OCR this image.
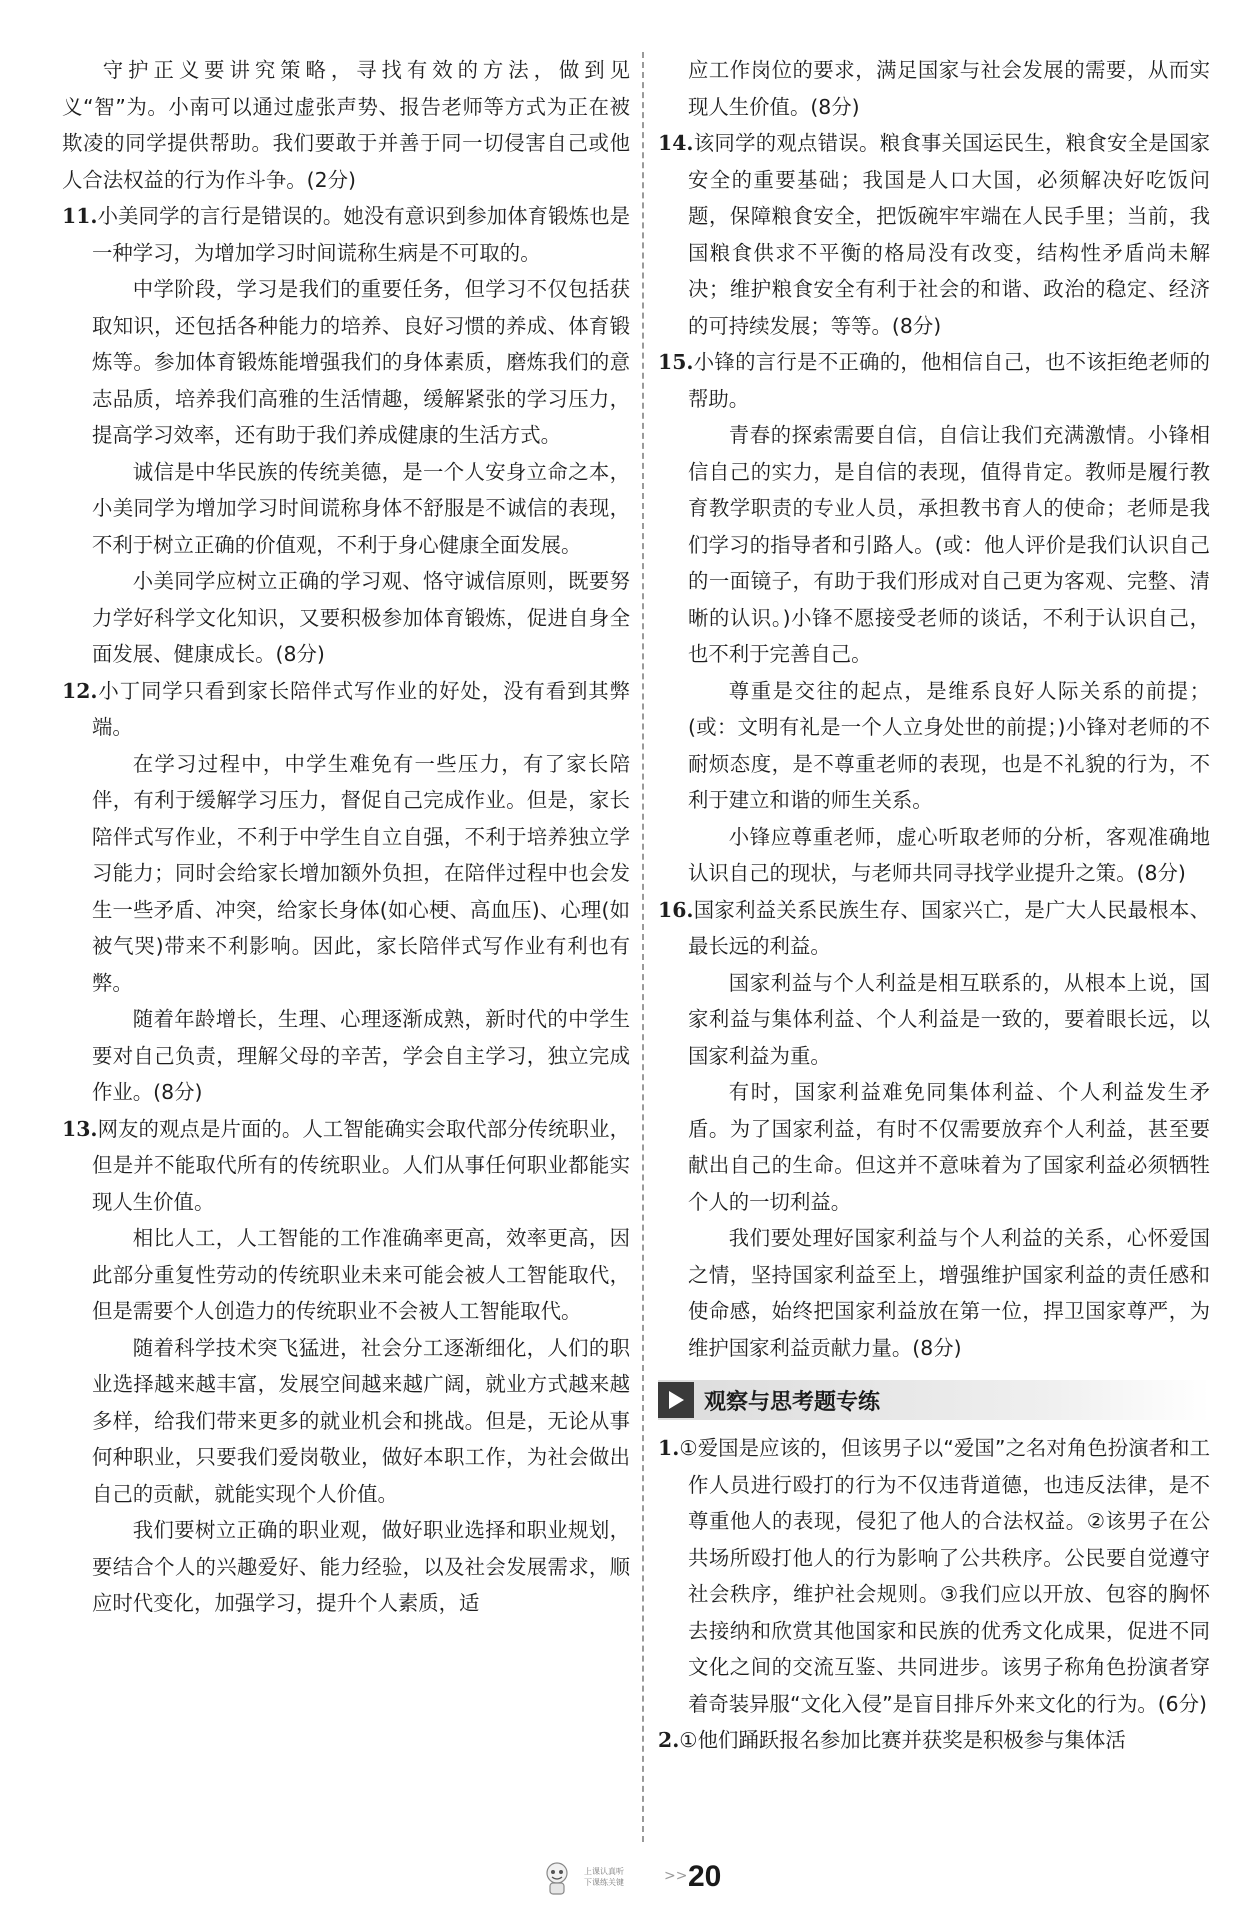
守护正义要讲究策略，寻找有效的方法，做到见义“智”为。小南可以通过虚张声势、报告老师等方式为正在被欺凌的同学提供帮助。我们要敢于并善于同一切侵害自己或他人合法权益的行为作斗争。(2分)

11.小美同学的言行是错误的。她没有意识到参加体育锻炼也是一种学习，为增加学习时间谎称生病是不可取的。

中学阶段，学习是我们的重要任务，但学习不仅包括获取知识，还包括各种能力的培养、良好习惯的养成、体育锻炼等。参加体育锻炼能增强我们的身体素质，磨炼我们的意志品质，培养我们高雅的生活情趣，缓解紧张的学习压力，提高学习效率，还有助于我们养成健康的生活方式。

诚信是中华民族的传统美德，是一个人安身立命之本，小美同学为增加学习时间谎称身体不舒服是不诚信的表现，不利于树立正确的价值观，不利于身心健康全面发展。

小美同学应树立正确的学习观、恪守诚信原则，既要努力学好科学文化知识，又要积极参加体育锻炼，促进自身全面发展、健康成长。(8分)

12.小丁同学只看到家长陪伴式写作业的好处，没有看到其弊端。

在学习过程中，中学生难免有一些压力，有了家长陪伴，有利于缓解学习压力，督促自己完成作业。但是，家长陪伴式写作业，不利于中学生自立自强，不利于培养独立学习能力；同时会给家长增加额外负担，在陪伴过程中也会发生一些矛盾、冲突，给家长身体(如心梗、高血压)、心理(如被气哭)带来不利影响。因此，家长陪伴式写作业有利也有弊。

随着年龄增长，生理、心理逐渐成熟，新时代的中学生要对自己负责，理解父母的辛苦，学会自主学习，独立完成作业。(8分)

13.网友的观点是片面的。人工智能确实会取代部分传统职业，但是并不能取代所有的传统职业。人们从事任何职业都能实现人生价值。

相比人工，人工智能的工作准确率更高，效率更高，因此部分重复性劳动的传统职业未来可能会被人工智能取代，但是需要个人创造力的传统职业不会被人工智能取代。

随着科学技术突飞猛进，社会分工逐渐细化，人们的职业选择越来越丰富，发展空间越来越广阔，就业方式越来越多样，给我们带来更多的就业机会和挑战。但是，无论从事何种职业，只要我们爱岗敬业，做好本职工作，为社会做出自己的贡献，就能实现个人价值。

我们要树立正确的职业观，做好职业选择和职业规划，要结合个人的兴趣爱好、能力经验，以及社会发展需求，顺应时代变化，加强学习，提升个人素质，适

应工作岗位的要求，满足国家与社会发展的需要，从而实现人生价值。(8分)

14.该同学的观点错误。粮食事关国运民生，粮食安全是国家安全的重要基础；我国是人口大国，必须解决好吃饭问题，保障粮食安全，把饭碗牢牢端在人民手里；当前，我国粮食供求不平衡的格局没有改变，结构性矛盾尚未解决；维护粮食安全有利于社会的和谐、政治的稳定、经济的可持续发展；等等。(8分)

15.小锋的言行是不正确的，他相信自己，也不该拒绝老师的帮助。

青春的探索需要自信，自信让我们充满激情。小锋相信自己的实力，是自信的表现，值得肯定。教师是履行教育教学职责的专业人员，承担教书育人的使命；老师是我们学习的指导者和引路人。(或：他人评价是我们认识自己的一面镜子，有助于我们形成对自己更为客观、完整、清晰的认识。)小锋不愿接受老师的谈话，不利于认识自己，也不利于完善自己。

尊重是交往的起点，是维系良好人际关系的前提；(或：文明有礼是一个人立身处世的前提；)小锋对老师的不耐烦态度，是不尊重老师的表现，也是不礼貌的行为，不利于建立和谐的师生关系。

小锋应尊重老师，虚心听取老师的分析，客观准确地认识自己的现状，与老师共同寻找学业提升之策。(8分)

16.国家利益关系民族生存、国家兴亡，是广大人民最根本、最长远的利益。

国家利益与个人利益是相互联系的，从根本上说，国家利益与集体利益、个人利益是一致的，要着眼长远，以国家利益为重。

有时，国家利益难免同集体利益、个人利益发生矛盾。为了国家利益，有时不仅需要放弃个人利益，甚至要献出自己的生命。但这并不意味着为了国家利益必须牺牲个人的一切利益。

我们要处理好国家利益与个人利益的关系，心怀爱国之情，坚持国家利益至上，增强维护国家利益的责任感和使命感，始终把国家利益放在第一位，捍卫国家尊严，为维护国家利益贡献力量。(8分)

观察与思考题专练

1.①爱国是应该的，但该男子以“爱国”之名对角色扮演者和工作人员进行殴打的行为不仅违背道德，也违反法律，是不尊重他人的表现，侵犯了他人的合法权益。②该男子在公共场所殴打他人的行为影响了公共秩序。公民要自觉遵守社会秩序，维护社会规则。③我们应以开放、包容的胸怀去接纳和欣赏其他国家和民族的优秀文化成果，促进不同文化之间的交流互鉴、共同进步。该男子称角色扮演者穿着奇装异服“文化入侵”是盲目排斥外来文化的行为。(6分)

2.①他们踊跃报名参加比赛并获奖是积极参与集体活

上课认真听
下课练关键	>> 20
